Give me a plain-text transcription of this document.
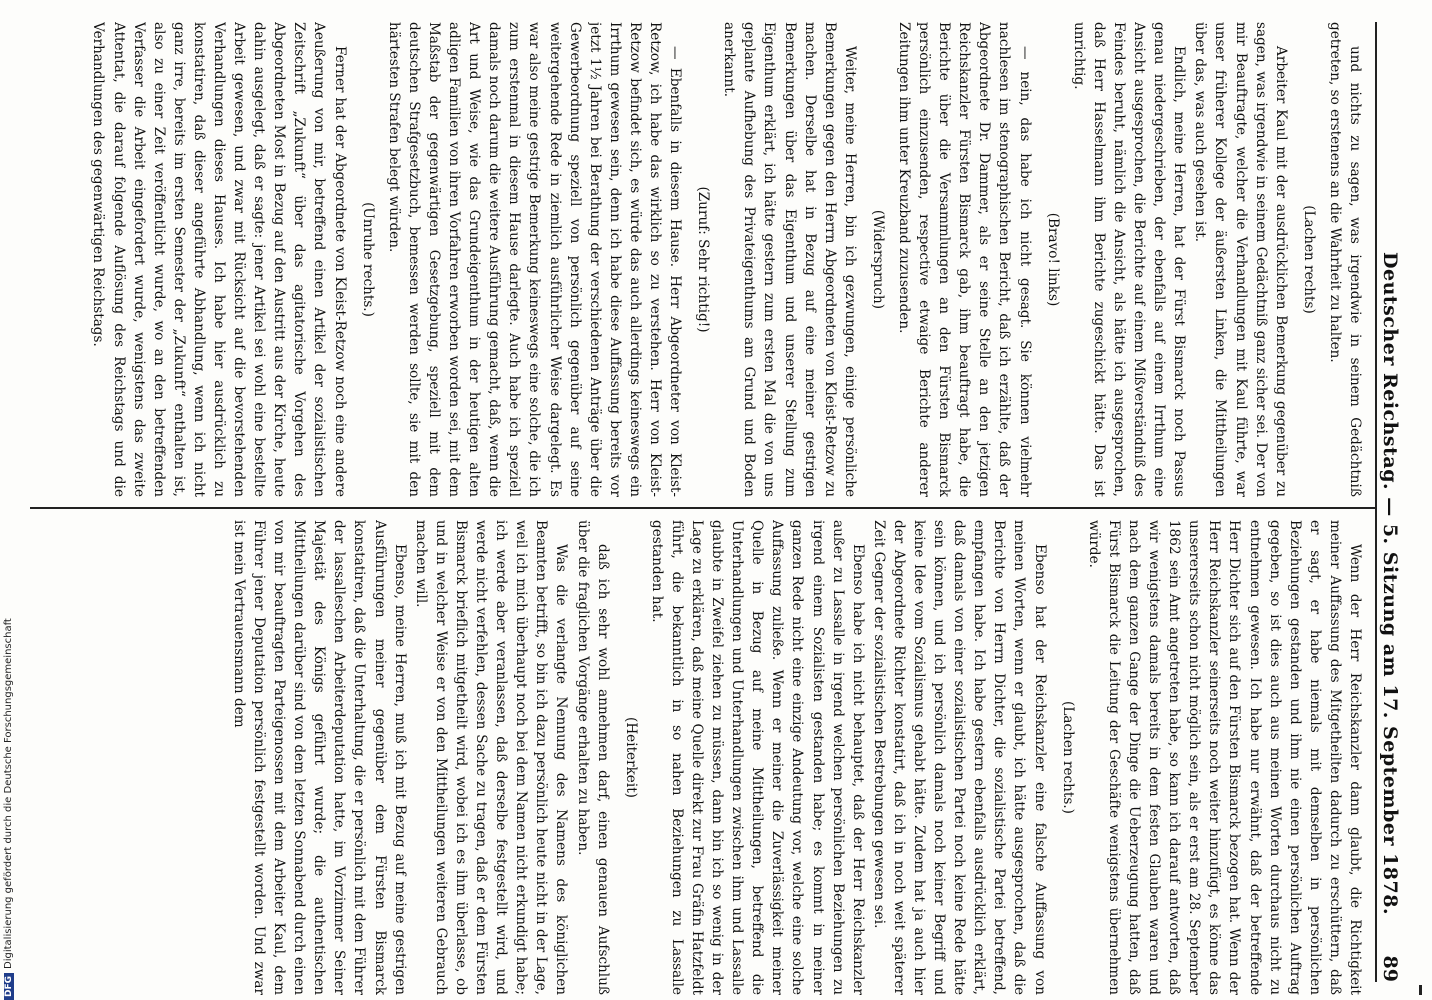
Deutscher Reichstag. — 5. Sitzung am 17. September 1878.
89

und nichts zu sagen, was irgendwie in seinem Gedächtniß getreten, so erstenens an die Wahrheit zu halten.

(Lachen rechts)

Arbeiter Kaul mit der ausdrücklichen Bemerkung gegenüber zu sagen, was irgendwie in seinem Gedächtniß ganz sicher sei. Der von mir Beauftragte, welcher die Verhandlungen mit Kaul führte, war unser früherer Kollege der äußersten Linken, die Mittheilungen über das, was auch gesehen ist.

Endlich, meine Herren, hat der Fürst Bismarck noch Passus genau niedergeschrieben, der ebenfalls auf einem Irrthum eine Ansicht ausgesprochen, die Berichte auf einem Mißverständniß des Feindes beruht, nämlich die Ansicht, als hätte ich ausgesprochen, daß Herr Hasselmann ihm Berichte zugeschickt hätte. Das ist unrichtig.

(Bravo! links)

— nein, das habe ich nicht gesagt. Sie können vielmehr nachlesen im stenographischen Bericht, daß ich erzählte, daß der Abgeordnete Dr. Dammer, als er seine Stelle an den jetzigen Reichskanzler Fürsten Bismarck gab, ihm beauftragt habe, die Berichte über die Versammlungen an den Fürsten Bismarck persönlich einzusenden, respective etwaige Berichte anderer Zeitungen ihm unter Kreuzband zuzusenden.

(Widerspruch)

Weiter, meine Herren, bin ich gezwungen, einige persönliche Bemerkungen gegen den Herrn Abgeordneten von Kleist-Retzow zu machen. Derselbe hat in Bezug auf eine meiner gestrigen Bemerkungen über das Eigenthum und unserer Stellung zum Eigenthum erklärt, ich hätte gestern zum ersten Mal die von uns geplante Aufhebung des Privateigenthums am Grund und Boden anerkannt.

(Zuruf: Sehr richtig!)

— Ebenfalls in diesem Hause. Herr Abgeordneter von Kleist-Retzow, ich habe das wirklich so zu verstehen. Herr von Kleist-Retzow befindet sich, es würde das auch allerdings keineswegs ein Irrthum gewesen sein, denn ich habe diese Auffassung bereits vor jetzt 1½ Jahren bei Berathung der verschiedenen Anträge über die Gewerbeordnung speziell von persönlich gegenüber auf seine weitergehende Rede in ziemlich ausführlicher Weise dargelegt. Es war also meine gestrige Bemerkung keineswegs eine solche, die ich zum erstenmal in diesem Hause darlegte. Auch habe ich speziell damals noch darum die weitere Ausführung gemacht, daß, wenn die Art und Weise, wie das Grundeigenthum in der heutigen alten adligen Familien von ihren Vorfahren erworben worden sei, mit dem Maßstab der gegenwärtigen Gesetzgebung, speziell mit dem deutschen Strafgesetzbuch, bemessen werden sollte, sie mit den härtesten Strafen belegt würden.

(Unruhe rechts.)

Ferner hat der Abgeordnete von Kleist-Retzow noch eine andere Aeußerung von mir, betreffend einen Artikel der sozialistischen Zeitschrift „Zukunft“ über das agitatorische Vorgehen des Abgeordneten Most in Bezug auf den Austritt aus der Kirche, heute dahin ausgelegt, daß er sagte: jener Artikel sei wohl eine bestellte Arbeit gewesen, und zwar mit Rücksicht auf die bevorstehenden Verhandlungen dieses Hauses. Ich habe hier ausdrücklich zu konstatiren, daß dieser angeführte Abhandlung, wenn ich nicht ganz irre, bereits im ersten Semester der „Zukunft“ enthalten ist, also zu einer Zeit veröffentlicht wurde, wo an den betreffenden Verfasser die Arbeit eingefordert wurde, wenigstens das zweite Attentat, die darauf folgende Auflösung des Reichstags und die Verhandlungen des gegenwärtigen Reichstags.

Wenn der Herr Reichskanzler dann glaubt, die Richtigkeit meiner Auffassung des Mitgetheilten dadurch zu erschüttern, daß er sagt, er habe niemals mit demselben in persönlichen Beziehungen gestanden und ihm nie einen persönlichen Auftrag gegeben, so ist dies auch aus meinen Worten durchaus nicht zu entnehmen gewesen. Ich habe nur erwähnt, daß der betreffende Herr Dichter sich auf den Fürsten Bismarck bezogen hat. Wenn der Herr Reichskanzler seinerseits noch weiter hinzufügt, es könne das unsererseits schon nicht möglich sein, als er erst am 28. September 1862 sein Amt angetreten habe, so kann ich darauf antworten, daß wir wenigstens damals bereits in dem festen Glauben waren und nach dem ganzen Gange der Dinge die Ueberzeugung hatten, daß Fürst Bismarck die Leitung der Geschäfte wenigstens übernehmen würde.

(Lachen rechts.)

Ebenso hat der Reichskanzler eine falsche Auffassung von meinen Worten, wenn er glaubt, ich hätte ausgesprochen, daß die Berichte von Herrn Dichter, die sozialistische Partei betreffend, empfangen habe. Ich habe gestern ebenfalls ausdrücklich erklärt, daß damals von einer sozialistischen Partei noch keine Rede hätte sein können, und ich persönlich damals noch keiner Begriff und keine Idee vom Sozialismus gehabt hätte. Zudem hat ja auch hier der Abgeordnete Richter konstatirt, daß ich in noch weit späterer Zeit Gegner der sozialistischen Bestrebungen gewesen sei.

Ebenso habe ich nicht behauptet, daß der Herr Reichskanzler außer zu Lassalle in irgend welchen persönlichen Beziehungen zu irgend einem Sozialisten gestanden habe; es kommt in meiner ganzen Rede nicht eine einzige Andeutung vor, welche eine solche Auffassung zuließe. Wenn er meiner die Zuverlässigkeit meiner Quelle in Bezug auf meine Mittheilungen, betreffend die Unterhandlungen und Unterhandlungen zwischen ihm und Lassalle glaubte in Zweifel ziehen zu müssen, dann bin ich so wenig in der Lage zu erklären, daß meine Quelle direkt zur Frau Gräfin Hatzfeldt führt, die bekanntlich in so nahen Beziehungen zu Lassalle gestanden hat.

(Heiterkeit)

daß ich sehr wohl annehmen darf, einen genauen Aufschluß über die fraglichen Vorgänge erhalten zu haben.

Was die verlangte Nennung des Namens des königlichen Beamten betrifft, so bin ich dazu persönlich heute nicht in der Lage, weil ich mich überhaupt noch bei dem Namen nicht erkundigt habe; ich werde aber veranlassen, daß derselbe festgestellt wird, und werde nicht verfehlen, dessen Sache zu tragen, daß er dem Fürsten Bismarck brieflich mitgetheilt wird, wobei ich es ihm überlasse, ob und in welcher Weise er von den Mittheilungen weiteren Gebrauch machen will.

Ebenso, meine Herren, muß ich mit Bezug auf meine gestrigen Ausführungen meiner gegenüber dem Fürsten Bismarck konstatiren, daß die Unterhaltung, die er persönlich mit dem Führer der lassalleschen Arbeiterdeputation hatte, im Vorzimmer Seiner Majestät des Königs geführt wurde; die authentischen Mittheilungen darüber sind von dem letzten Sonnabend durch einen von mir beauftragten Parteigenossen mit dem Arbeiter Kaul, dem Führer jener Deputation persönlich festgestellt worden. Und zwar ist mein Vertrauensmann dem

DFGDigitalisierung gefördert durch die Deutsche Forschungsgemeinschaft
